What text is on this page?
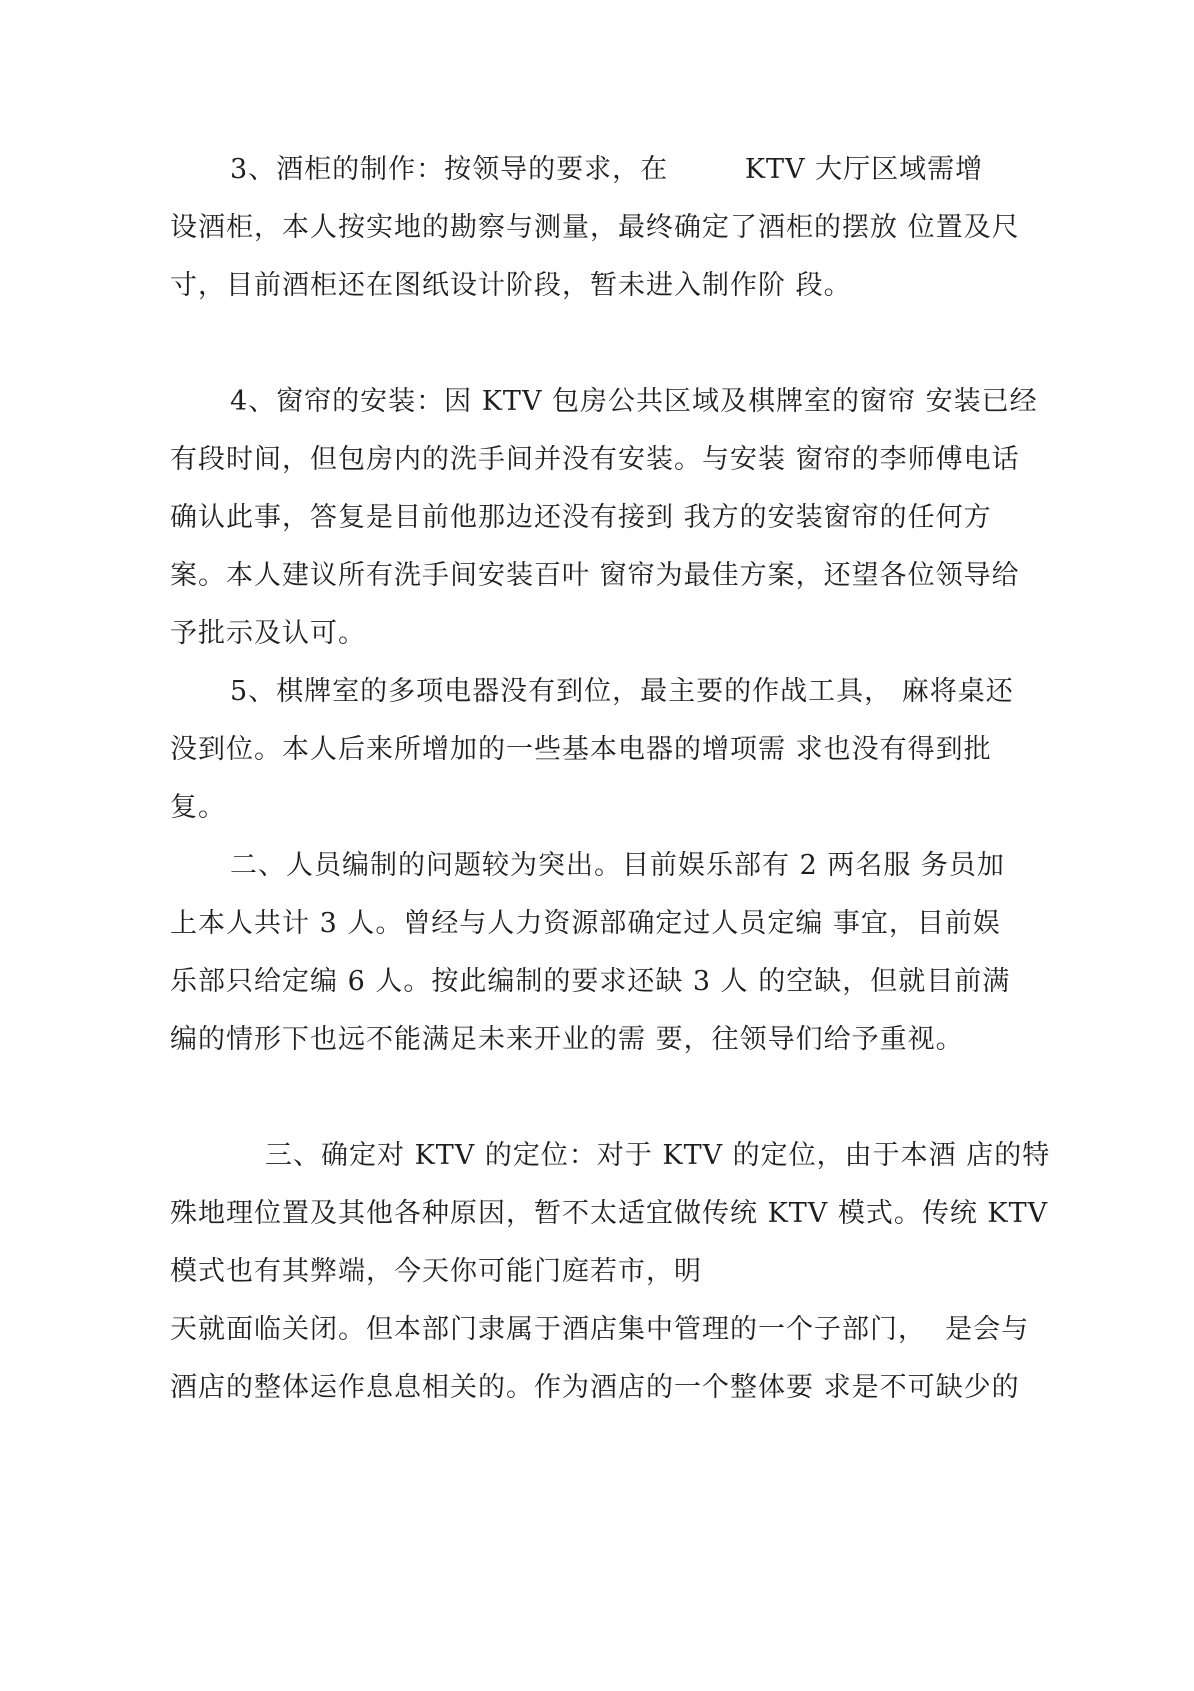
3、酒柜的制作：按领导的要求，在        KTV 大厅区域需增
设酒柜，本人按实地的勘察与测量，最终确定了酒柜的摆放 位置及尺
寸，目前酒柜还在图纸设计阶段，暂未进入制作阶 段。
4、窗帘的安装：因 KTV 包房公共区域及棋牌室的窗帘 安装已经
有段时间，但包房内的洗手间并没有安装。与安装 窗帘的李师傅电话
确认此事，答复是目前他那边还没有接到 我方的安装窗帘的任何方
案。本人建议所有洗手间安装百叶 窗帘为最佳方案，还望各位领导给
予批示及认可。
5、棋牌室的多项电器没有到位，最主要的作战工具， 麻将桌还
没到位。本人后来所增加的一些基本电器的增项需 求也没有得到批
复。
二、人员编制的问题较为突出。目前娱乐部有 2 两名服 务员加
上本人共计 3 人。曾经与人力资源部确定过人员定编 事宜，目前娱
乐部只给定编 6 人。按此编制的要求还缺 3 人 的空缺，但就目前满
编的情形下也远不能满足未来开业的需 要，往领导们给予重视。
三、确定对 KTV 的定位：对于 KTV 的定位，由于本酒 店的特
殊地理位置及其他各种原因，暂不太适宜做传统 KTV 模式。传统 KTV
模式也有其弊端，今天你可能门庭若市，明
天就面临关闭。但本部门隶属于酒店集中管理的一个子部门，  是会与
酒店的整体运作息息相关的。作为酒店的一个整体要 求是不可缺少的
